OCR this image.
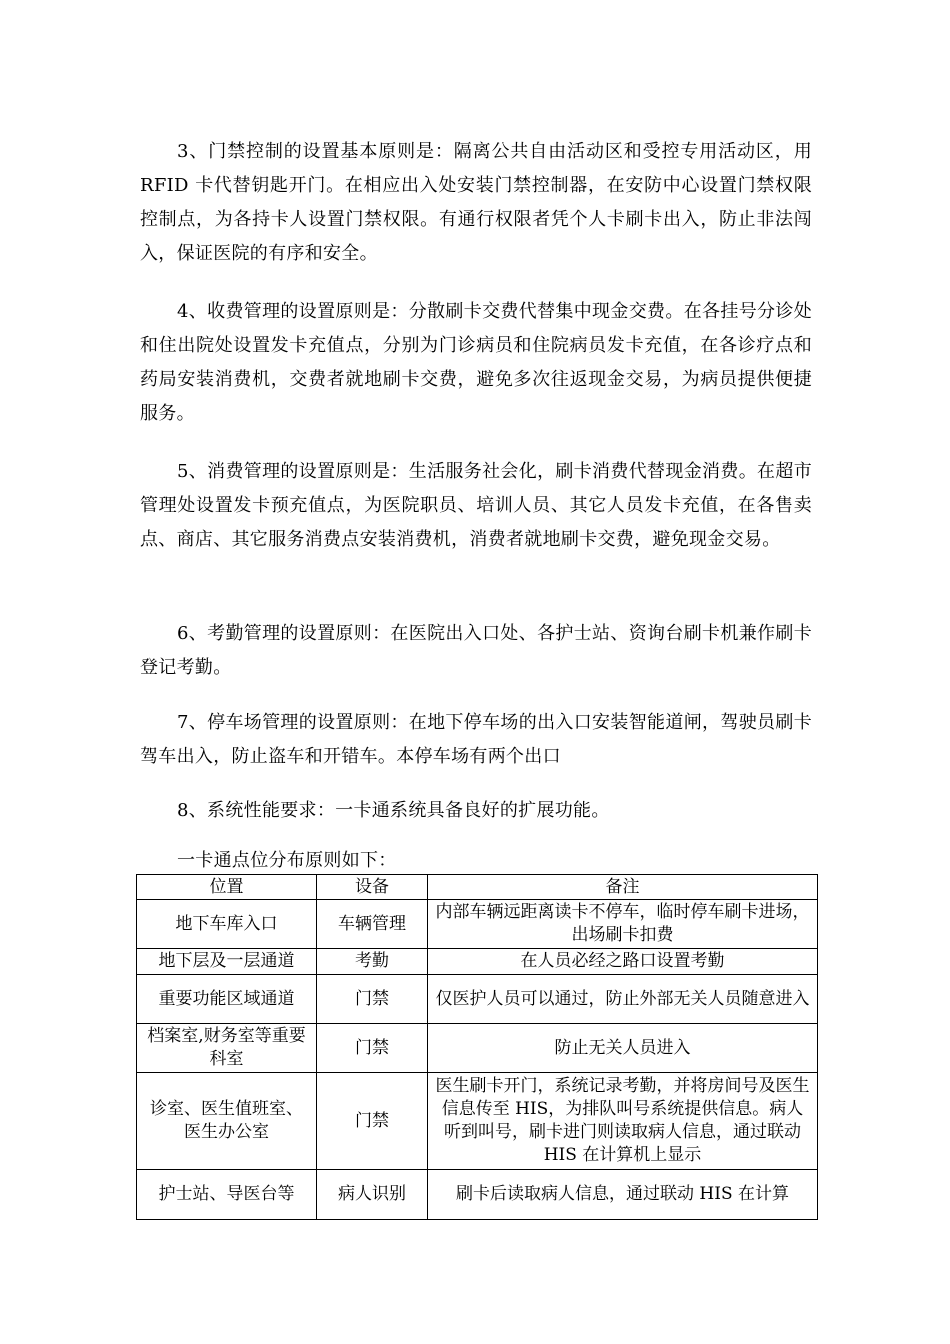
3、门禁控制的设置基本原则是：隔离公共自由活动区和受控专用活动区，用 RFID 卡代替钥匙开门。在相应出入处安装门禁控制器，在安防中心设置门禁权限控制点，为各持卡人设置门禁权限。有通行权限者凭个人卡刷卡出入，防止非法闯入，保证医院的有序和安全。

4、收费管理的设置原则是：分散刷卡交费代替集中现金交费。在各挂号分诊处和住出院处设置发卡充值点，分别为门诊病员和住院病员发卡充值，在各诊疗点和药局安装消费机，交费者就地刷卡交费，避免多次往返现金交易，为病员提供便捷服务。

5、消费管理的设置原则是：生活服务社会化，刷卡消费代替现金消费。在超市管理处设置发卡预充值点，为医院职员、培训人员、其它人员发卡充值，在各售卖点、商店、其它服务消费点安装消费机，消费者就地刷卡交费，避免现金交易。

6、考勤管理的设置原则：在医院出入口处、各护士站、资询台刷卡机兼作刷卡登记考勤。

7、停车场管理的设置原则：在地下停车场的出入口安装智能道闸，驾驶员刷卡驾车出入，防止盗车和开错车。本停车场有两个出口

8、系统性能要求：一卡通系统具备良好的扩展功能。

一卡通点位分布原则如下：

位置	设备	备注
地下车库入口	车辆管理	内部车辆远距离读卡不停车，临时停车刷卡进场，出场刷卡扣费
地下层及一层通道	考勤	在人员必经之路口设置考勤
重要功能区域通道	门禁	仅医护人员可以通过，防止外部无关人员随意进入
档案室,财务室等重要科室	门禁	防止无关人员进入
诊室、医生值班室、医生办公室	门禁	医生刷卡开门，系统记录考勤，并将房间号及医生信息传至 HIS，为排队叫号系统提供信息。病人听到叫号，刷卡进门则读取病人信息，通过联动 HIS 在计算机上显示
护士站、导医台等	病人识别	刷卡后读取病人信息，通过联动 HIS 在计算
